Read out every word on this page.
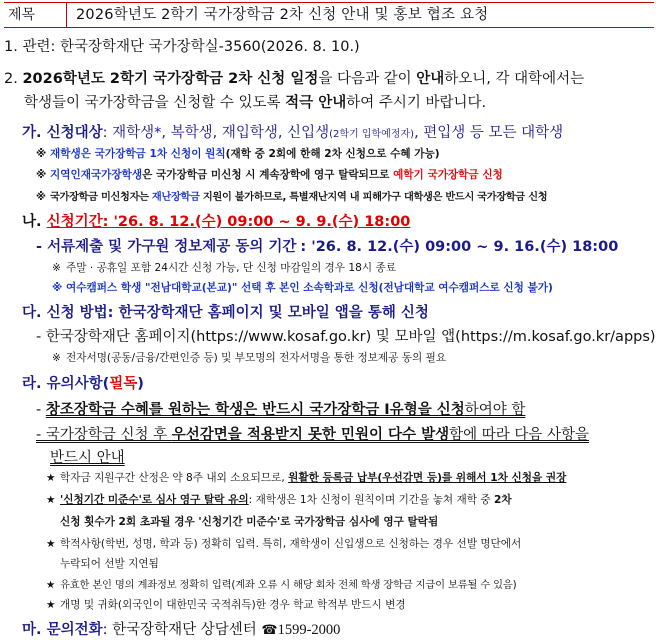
제목	2026학년도 2학기 국가장학금 2차 신청 안내 및 홍보 협조 요청
1. 관련: 한국장학재단 국가장학실-3560(2026. 8. 10.)
2. 2026학년도 2학기 국가장학금 2차 신청 일정을 다음과 같이 안내하오니, 각 대학에서는
학생들이 국가장학금을 신청할 수 있도록 적극 안내하여 주시기 바랍니다.
가. 신청대상: 재학생*, 복학생, 재입학생, 신입생(2학기 입학예정자), 편입생 등 모든 대학생
※ 재학생은 국가장학금 1차 신청이 원칙(재학 중 2회에 한해 2차 신청으로 수혜 가능)
※ 지역인재국가장학생은 국가장학금 미신청 시 계속장학에 영구 탈락되므로 예학기 국가장학금 신청
※ 국가장학금 미신청자는 재난장학금 지원이 불가하므로, 특별재난지역 내 피해가구 대학생은 반드시 국가장학금 신청
나. 신청기간: '26. 8. 12.(수) 09:00 ~ 9. 9.(수) 18:00
- 서류제출 및 가구원 정보제공 동의 기간 : '26. 8. 12.(수) 09:00 ~ 9. 16.(수) 18:00
※ 주말 · 공휴일 포함 24시간 신청 가능, 단 신청 마감일의 경우 18시 종료
※ 여수캠퍼스 학생 "전남대학교(본교)" 선택 후 본인 소속학과로 신청(전남대학교 여수캠퍼스로 신청 불가)
다. 신청 방법: 한국장학재단 홈페이지 및 모바일 앱을 통해 신청
- 한국장학재단 홈페이지(https://www.kosaf.go.kr) 및 모바일 앱(https://m.kosaf.go.kr/apps)
※ 전자서명(공동/금융/간편인증 등) 및 부모명의 전자서명을 통한 정보제공 동의 필요
라. 유의사항(필독)
- 창조장학금 수혜를 원하는 학생은 반드시 국가장학금 Ⅰ유형을 신청하여야 함
- 국가장학금 신청 후 우선감면을 적용받지 못한 민원이 다수 발생함에 따라 다음 사항을
반드시 안내
★ 학자금 지원구간 산정은 약 8주 내외 소요되므로, 원활한 등록금 납부(우선감면 등)를 위해서 1차 신청을 권장
★ '신청기간 미준수'로 심사 영구 탈락 유의: 재학생은 1차 신청이 원칙이며 기간을 놓쳐 재학 중 2차
신청 횟수가 2회 초과될 경우 '신청기간 미준수'로 국가장학금 심사에 영구 탈락됨
★ 학적사항(학번, 성명, 학과 등) 정확히 입력. 특히, 재학생이 신입생으로 신청하는 경우 선발 명단에서
누락되어 선발 지연됨
★ 유효한 본인 명의 계좌정보 정확히 입력(계좌 오류 시 해당 회차 전체 학생 장학금 지급이 보류될 수 있음)
★ 개명 및 귀화(외국인이 대한민국 국적취득)한 경우 학교 학적부 반드시 변경
마. 문의전화: 한국장학재단 상담센터 ☎1599-2000
